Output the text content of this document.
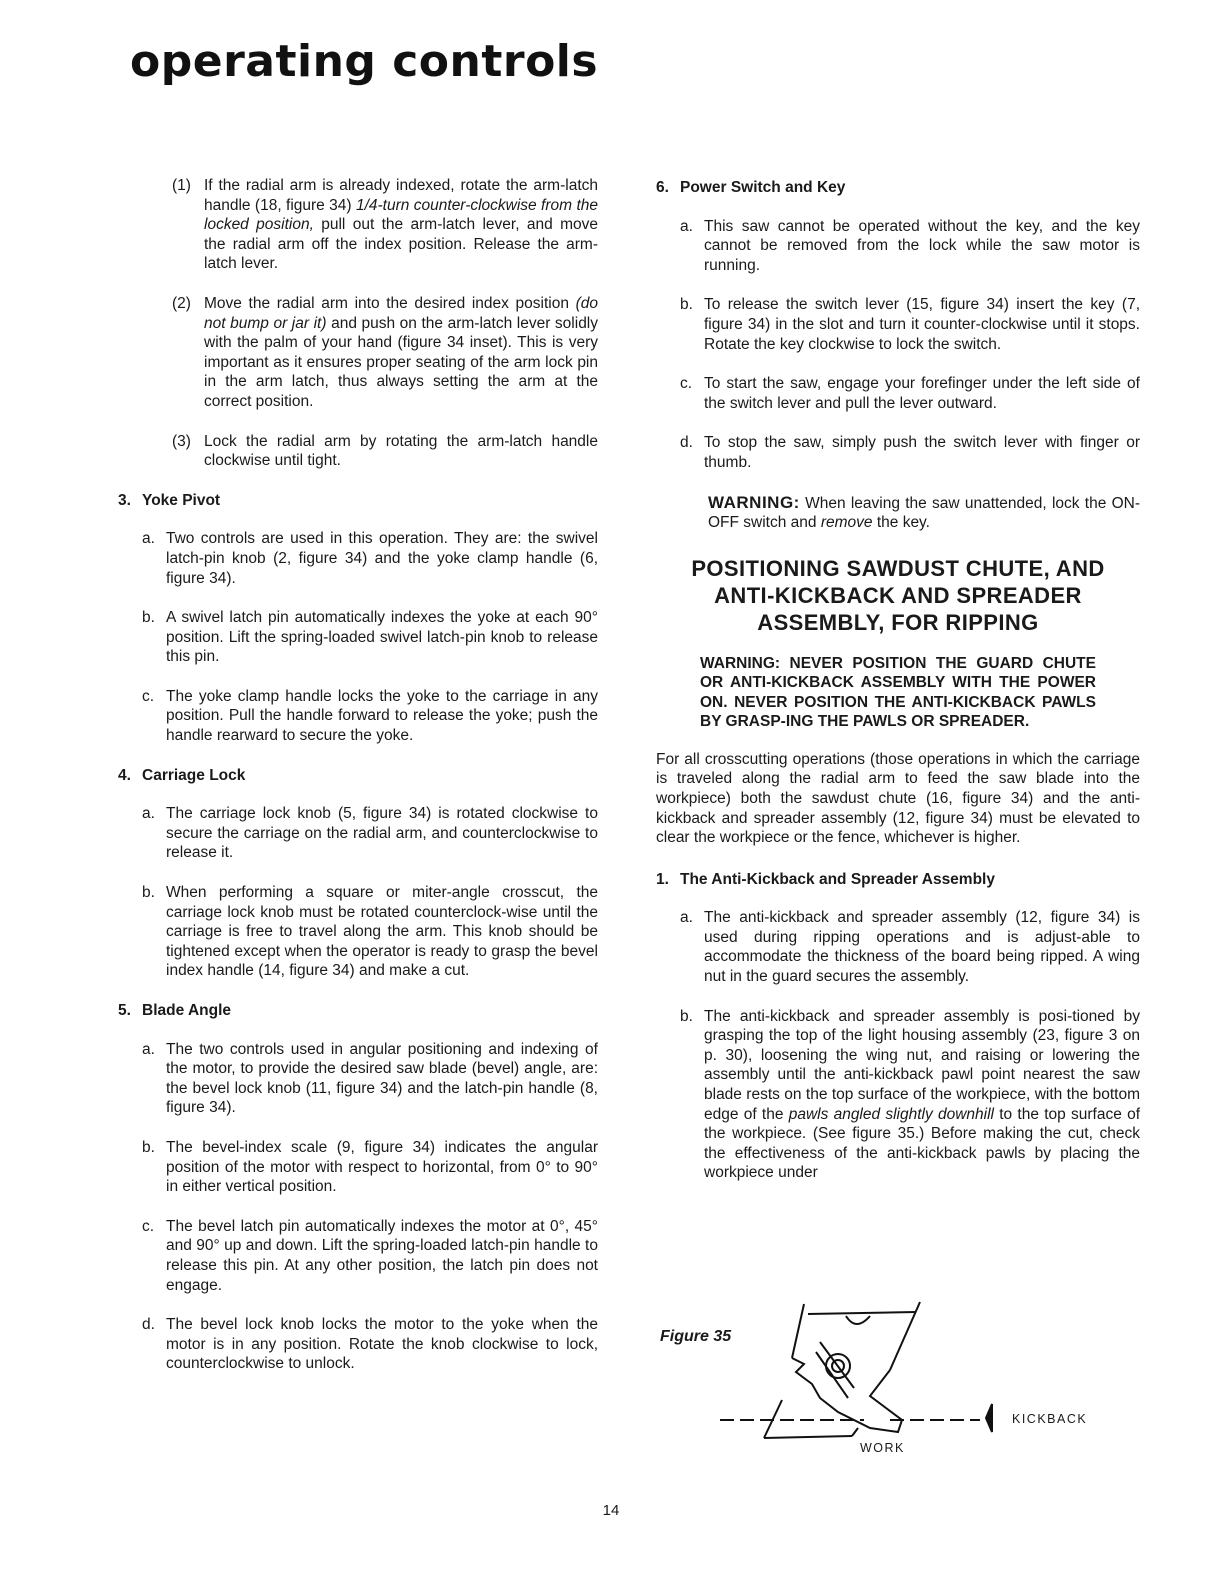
operating controls

(1) If the radial arm is already indexed, rotate the arm-latch handle (18, figure 34) 1/4-turn counter-clockwise from the locked position, pull out the arm-latch lever, and move the radial arm off the index position. Release the arm-latch lever.

(2) Move the radial arm into the desired index position (do not bump or jar it) and push on the arm-latch lever solidly with the palm of your hand (figure 34 inset). This is very important as it ensures proper seating of the arm lock pin in the arm latch, thus always setting the arm at the correct position.

(3) Lock the radial arm by rotating the arm-latch handle clockwise until tight.

3. Yoke Pivot

a. Two controls are used in this operation. They are: the swivel latch-pin knob (2, figure 34) and the yoke clamp handle (6, figure 34).

b. A swivel latch pin automatically indexes the yoke at each 90° position. Lift the spring-loaded swivel latch-pin knob to release this pin.

c. The yoke clamp handle locks the yoke to the carriage in any position. Pull the handle forward to release the yoke; push the handle rearward to secure the yoke.

4. Carriage Lock

a. The carriage lock knob (5, figure 34) is rotated clockwise to secure the carriage on the radial arm, and counterclockwise to release it.

b. When performing a square or miter-angle crosscut, the carriage lock knob must be rotated counterclock-wise until the carriage is free to travel along the arm. This knob should be tightened except when the operator is ready to grasp the bevel index handle (14, figure 34) and make a cut.

5. Blade Angle

a. The two controls used in angular positioning and indexing of the motor, to provide the desired saw blade (bevel) angle, are: the bevel lock knob (11, figure 34) and the latch-pin handle (8, figure 34).

b. The bevel-index scale (9, figure 34) indicates the angular position of the motor with respect to horizontal, from 0° to 90° in either vertical position.

c. The bevel latch pin automatically indexes the motor at 0°, 45° and 90° up and down. Lift the spring-loaded latch-pin handle to release this pin. At any other position, the latch pin does not engage.

d. The bevel lock knob locks the motor to the yoke when the motor is in any position. Rotate the knob clockwise to lock, counterclockwise to unlock.

6. Power Switch and Key

a. This saw cannot be operated without the key, and the key cannot be removed from the lock while the saw motor is running.

b. To release the switch lever (15, figure 34) insert the key (7, figure 34) in the slot and turn it counter-clockwise until it stops. Rotate the key clockwise to lock the switch.

c. To start the saw, engage your forefinger under the left side of the switch lever and pull the lever outward.

d. To stop the saw, simply push the switch lever with finger or thumb.

WARNING: When leaving the saw unattended, lock the ON-OFF switch and remove the key.

POSITIONING SAWDUST CHUTE, AND
ANTI-KICKBACK AND SPREADER
ASSEMBLY, FOR RIPPING

WARNING: NEVER POSITION THE GUARD CHUTE OR ANTI-KICKBACK ASSEMBLY WITH THE POWER ON. NEVER POSITION THE ANTI-KICKBACK PAWLS BY GRASP-ING THE PAWLS OR SPREADER.

For all crosscutting operations (those operations in which the carriage is traveled along the radial arm to feed the saw blade into the workpiece) both the sawdust chute (16, figure 34) and the anti-kickback and spreader assembly (12, figure 34) must be elevated to clear the workpiece or the fence, whichever is higher.

1. The Anti-Kickback and Spreader Assembly

a. The anti-kickback and spreader assembly (12, figure 34) is used during ripping operations and is adjust-able to accommodate the thickness of the board being ripped. A wing nut in the guard secures the assembly.

b. The anti-kickback and spreader assembly is posi-tioned by grasping the top of the light housing assembly (23, figure 3 on p. 30), loosening the wing nut, and raising or lowering the assembly until the anti-kickback pawl point nearest the saw blade rests on the top surface of the workpiece, with the bottom edge of the pawls angled slightly downhill to the top surface of the workpiece. (See figure 35.) Before making the cut, check the effectiveness of the anti-kickback pawls by placing the workpiece under

Figure 35
KICKBACK
WORK

14
